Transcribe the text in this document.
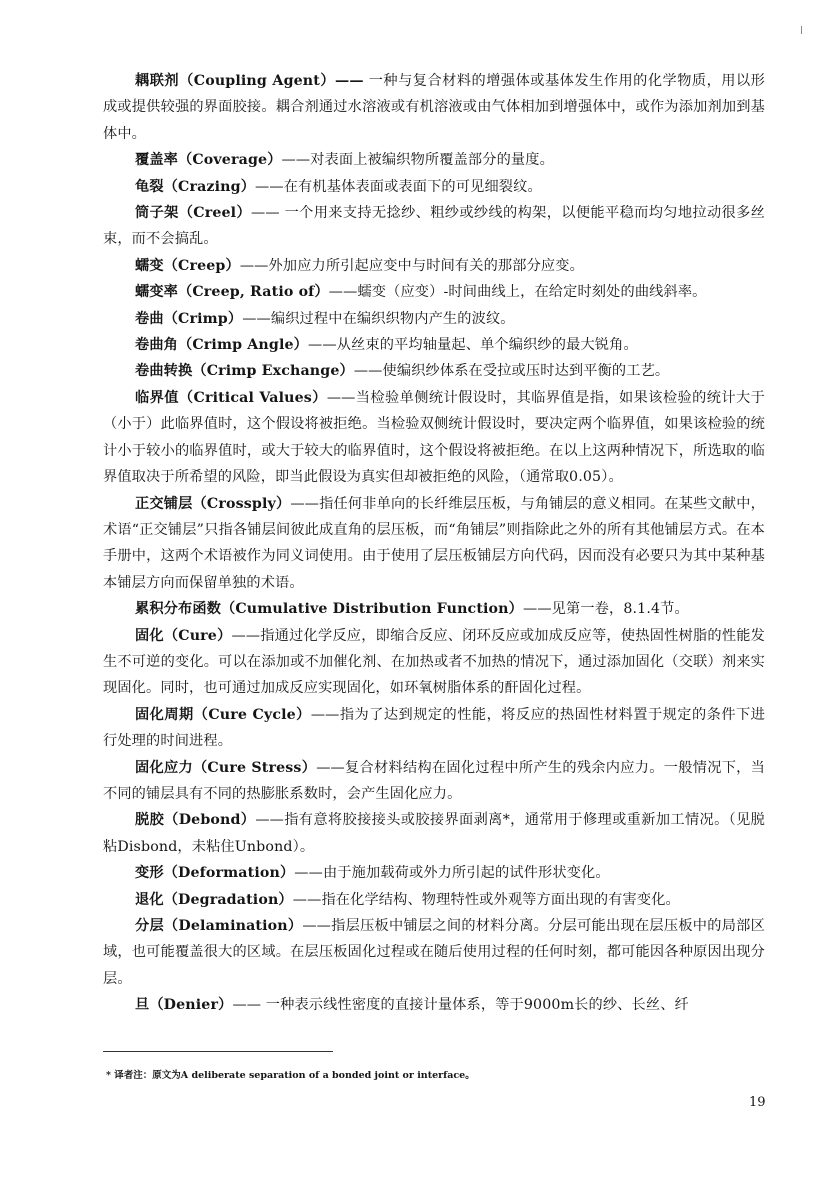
耦联剂（Coupling Agent）—— 一种与复合材料的增强体或基体发生作用的化学物质，用以形成或提供较强的界面胶接。耦合剂通过水溶液或有机溶液或由气体相加到增强体中，或作为添加剂加到基体中。

覆盖率（Coverage）——对表面上被编织物所覆盖部分的量度。

龟裂（Crazing）——在有机基体表面或表面下的可见细裂纹。

筒子架（Creel）—— 一个用来支持无捻纱、粗纱或纱线的构架，以便能平稳而均匀地拉动很多丝束，而不会搞乱。

蠕变（Creep）——外加应力所引起应变中与时间有关的那部分应变。

蠕变率（Creep, Ratio of）——蠕变（应变）-时间曲线上，在给定时刻处的曲线斜率。

卷曲（Crimp）——编织过程中在编织织物内产生的波纹。

卷曲角（Crimp Angle）——从丝束的平均轴量起、单个编织纱的最大锐角。

卷曲转换（Crimp Exchange）——使编织纱体系在受拉或压时达到平衡的工艺。

临界值（Critical Values）——当检验单侧统计假设时，其临界值是指，如果该检验的统计大于（小于）此临界值时，这个假设将被拒绝。当检验双侧统计假设时，要决定两个临界值，如果该检验的统计小于较小的临界值时，或大于较大的临界值时，这个假设将被拒绝。在以上这两种情况下，所选取的临界值取决于所希望的风险，即当此假设为真实但却被拒绝的风险，（通常取0.05）。

正交铺层（Crossply）——指任何非单向的长纤维层压板，与角铺层的意义相同。在某些文献中，术语“正交铺层”只指各铺层间彼此成直角的层压板，而“角铺层”则指除此之外的所有其他铺层方式。在本手册中，这两个术语被作为同义词使用。由于使用了层压板铺层方向代码，因而没有必要只为其中某种基本铺层方向而保留单独的术语。

累积分布函数（Cumulative Distribution Function）——见第一卷，8.1.4节。

固化（Cure）——指通过化学反应，即缩合反应、闭环反应或加成反应等，使热固性树脂的性能发生不可逆的变化。可以在添加或不加催化剂、在加热或者不加热的情况下，通过添加固化（交联）剂来实现固化。同时，也可通过加成反应实现固化，如环氧树脂体系的酐固化过程。

固化周期（Cure Cycle）——指为了达到规定的性能，将反应的热固性材料置于规定的条件下进行处理的时间进程。

固化应力（Cure Stress）——复合材料结构在固化过程中所产生的残余内应力。一般情况下，当不同的铺层具有不同的热膨胀系数时，会产生固化应力。

脱胶（Debond）——指有意将胶接接头或胶接界面剥离*，通常用于修理或重新加工情况。（见脱粘Disbond，未粘住Unbond）。

变形（Deformation）——由于施加载荷或外力所引起的试件形状变化。

退化（Degradation）——指在化学结构、物理特性或外观等方面出现的有害变化。

分层（Delamination）——指层压板中铺层之间的材料分离。分层可能出现在层压板中的局部区域，也可能覆盖很大的区域。在层压板固化过程或在随后使用过程的任何时刻，都可能因各种原因出现分层。

旦（Denier）—— 一种表示线性密度的直接计量体系，等于9000m长的纱、长丝、纤

* 译者注：原文为A deliberate separation of a bonded joint or interface。
19
